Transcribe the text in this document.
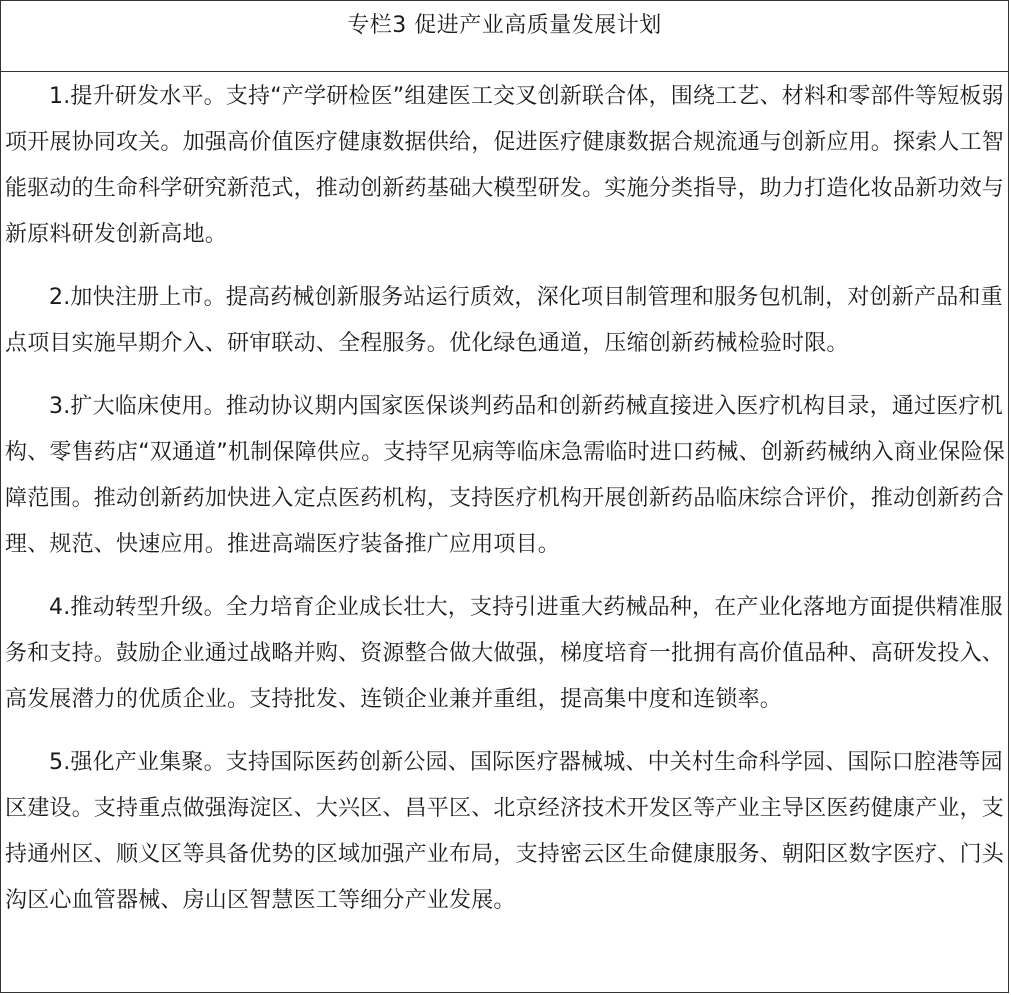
专栏3 促进产业高质量发展计划

1.提升研发水平。支持“产学研检医”组建医工交叉创新联合体，围绕工艺、材料和零部件等短板弱项开展协同攻关。加强高价值医疗健康数据供给，促进医疗健康数据合规流通与创新应用。探索人工智能驱动的生命科学研究新范式，推动创新药基础大模型研发。实施分类指导，助力打造化妆品新功效与新原料研发创新高地。

2.加快注册上市。提高药械创新服务站运行质效，深化项目制管理和服务包机制，对创新产品和重点项目实施早期介入、研审联动、全程服务。优化绿色通道，压缩创新药械检验时限。

3.扩大临床使用。推动协议期内国家医保谈判药品和创新药械直接进入医疗机构目录，通过医疗机构、零售药店“双通道”机制保障供应。支持罕见病等临床急需临时进口药械、创新药械纳入商业保险保障范围。推动创新药加快进入定点医药机构，支持医疗机构开展创新药品临床综合评价，推动创新药合理、规范、快速应用。推进高端医疗装备推广应用项目。

4.推动转型升级。全力培育企业成长壮大，支持引进重大药械品种，在产业化落地方面提供精准服务和支持。鼓励企业通过战略并购、资源整合做大做强，梯度培育一批拥有高价值品种、高研发投入、高发展潜力的优质企业。支持批发、连锁企业兼并重组，提高集中度和连锁率。

5.强化产业集聚。支持国际医药创新公园、国际医疗器械城、中关村生命科学园、国际口腔港等园区建设。支持重点做强海淀区、大兴区、昌平区、北京经济技术开发区等产业主导区医药健康产业，支持通州区、顺义区等具备优势的区域加强产业布局，支持密云区生命健康服务、朝阳区数字医疗、门头沟区心血管器械、房山区智慧医工等细分产业发展。
